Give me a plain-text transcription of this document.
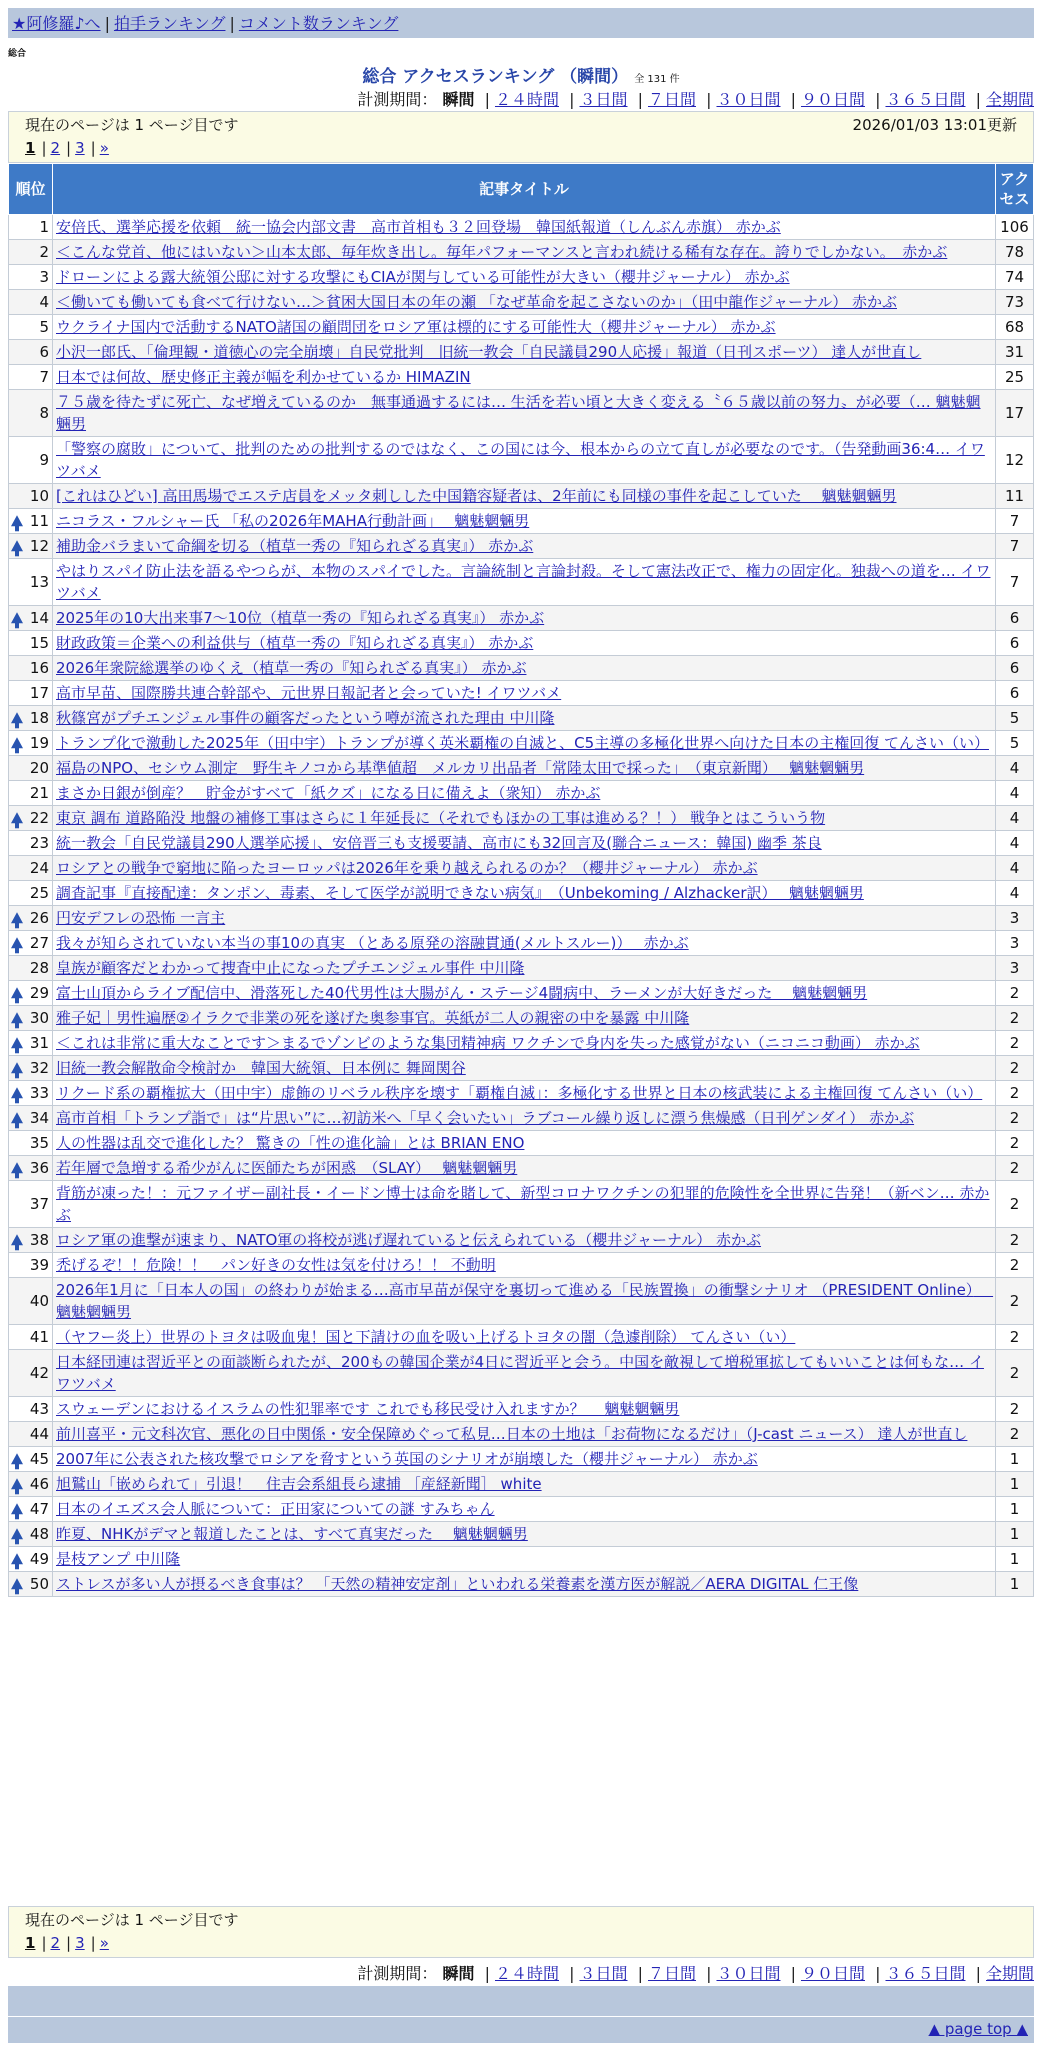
★阿修羅♪へ | 拍手ランキング | コメント数ランキング
総合
総合 アクセスランキング （瞬間） 全 131 件
計測期間： 瞬間 | ２４時間 | ３日間 | ７日間 | ３０日間 | ９０日間 | ３６５日間 | 全期間
現在のページは 1 ページ目です	2026/01/03 13:01更新
1 | 2 | 3 | »
順位	記事タイトル	アクセス
1	安倍氏、選挙応援を依頼　統一協会内部文書　高市首相も３２回登場　韓国紙報道（しんぶん赤旗） 赤かぶ	106
2	＜こんな党首、他にはいない＞山本太郎、毎年炊き出し。毎年パフォーマンスと言われ続ける稀有な存在。誇りでしかない。　赤かぶ	78
3	ドローンによる露大統領公邸に対する攻撃にもCIAが関与している可能性が大きい（櫻井ジャーナル） 赤かぶ	74
4	＜働いても働いても食べて行けない…＞貧困大国日本の年の瀬 「なぜ革命を起こさないのか」（田中龍作ジャーナル） 赤かぶ	73
5	ウクライナ国内で活動するNATO諸国の顧問団をロシア軍は標的にする可能性大（櫻井ジャーナル） 赤かぶ	68
6	小沢一郎氏、「倫理観・道徳心の完全崩壊」自民党批判　旧統一教会「自民議員290人応援」報道（日刊スポーツ） 達人が世直し	31
7	日本では何故、歴史修正主義が幅を利かせているか HIMAZIN	25
8	７５歳を待たずに死亡、なぜ増えているのか　無事通過するには… 生活を若い頃と大きく変える〝６５歳以前の努力〟が必要（… 魑魅魍魎男	17
9	「警察の腐敗」について、批判のための批判するのではなく、この国には今、根本からの立て直しが必要なのです。（告発動画36:4… イワツバメ	12
10	[これはひどい] 高田馬場でエステ店員をメッタ刺しした中国籍容疑者は、2年前にも同様の事件を起こしていた　 魑魅魍魎男	11

11	ニコラス・フルシャー氏 「私の2026年MAHA行動計画」　 魑魅魍魎男	7

12	補助金バラまいて命綱を切る（植草一秀の『知られざる真実』） 赤かぶ	7
13	やはりスパイ防止法を語るやつらが、本物のスパイでした。言論統制と言論封殺。そして憲法改正で、権力の固定化。独裁への道を… イワツバメ	7

14	2025年の10大出来事7〜10位（植草一秀の『知られざる真実』） 赤かぶ	6
15	財政政策＝企業への利益供与（植草一秀の『知られざる真実』） 赤かぶ	6
16	2026年衆院総選挙のゆくえ（植草一秀の『知られざる真実』） 赤かぶ	6
17	高市早苗、国際勝共連合幹部や、元世界日報記者と会っていた! イワツバメ	6

18	秋篠宮がプチエンジェル事件の顧客だったという噂が流された理由 中川隆	5

19	トランプ化で激動した2025年（田中宇）トランプが導く英米覇権の自滅と、C5主導の多極化世界へ向けた日本の主権回復 てんさい（い）	5
20	福島のNPO、セシウム測定　野生キノコから基準値超　メルカリ出品者「常陸太田で採った」　（東京新聞）　 魑魅魍魎男	4
21	まさか日銀が倒産？　貯金がすべて「紙クズ」になる日に備えよ（衆知） 赤かぶ	4

22	東京 調布 道路陥没 地盤の補修工事はさらに１年延長に（それでもほかの工事は進める？！） 戦争とはこういう物	4
23	統一教会「自民党議員290人選挙応援」、安倍晋三も支援要請、高市にも32回言及(聯合ニュース：韓国) 幽季 茶良	4
24	ロシアとの戦争で窮地に陥ったヨーロッパは2026年を乗り越えられるのか？（櫻井ジャーナル） 赤かぶ	4
25	調査記事『直接配達：タンポン、毒素、そして医学が説明できない病気』　（Unbekoming / Alzhacker訳）　 魑魅魍魎男	4

26	円安デフレの恐怖 一言主	3

27	我々が知らされていない本当の事10の真実 （とある原発の溶融貫通(メルトスルー)）　 赤かぶ	3
28	皇族が顧客だとわかって捜査中止になったプチエンジェル事件 中川隆	3

29	富士山頂からライブ配信中、滑落死した40代男性は大腸がん・ステージ4闘病中、ラーメンが大好きだった　 魑魅魍魎男	2

30	雅子妃｜男性遍歴②イラクで非業の死を遂げた奥参事官。英紙が二人の親密の中を暴露 中川隆	2

31	＜これは非常に重大なことです＞まるでゾンビのような集団精神病 ワクチンで身内を失った感覚がない（ニコニコ動画） 赤かぶ	2

32	旧統一教会解散命令検討か　韓国大統領、日本例に 舞岡関谷	2

33	リクード系の覇権拡大（田中宇）虚飾のリベラル秩序を壊す「覇権自滅」：多極化する世界と日本の核武装による主権回復 てんさい（い）	2

34	高市首相「トランプ詣で」は“片思い”に…初訪米へ「早く会いたい」ラブコール繰り返しに漂う焦燥感（日刊ゲンダイ） 赤かぶ	2
35	人の性器は乱交で進化した？ 驚きの「性の進化論」とは BRIAN ENO	2

36	若年層で急増する希少がんに医師たちが困惑　（SLAY）　 魑魅魍魎男	2
37	背筋が凍った！：元ファイザー副社長・イードン博士は命を賭して、新型コロナワクチンの犯罪的危険性を全世界に告発！（新ベン… 赤かぶ	2

38	ロシア軍の進撃が速まり、NATO軍の将校が逃げ遅れていると伝えられている（櫻井ジャーナル） 赤かぶ	2
39	禿げるぞ！！危険！！　パン好きの女性は気を付けろ！！ 不動明	2
40	2026年1月に「日本人の国」の終わりが始まる…高市早苗が保守を裏切って進める「民族置換」の衝撃シナリオ （PRESIDENT Online）　 魑魅魍魎男	2
41	（ヤフー炎上）世界のトヨタは吸血鬼！国と下請けの血を吸い上げるトヨタの闇（急遽削除） てんさい（い）	2
42	日本経団連は習近平との面談断られたが、200もの韓国企業が4日に習近平と会う。中国を敵視して増税軍拡してもいいことは何もな… イワツバメ	2
43	スウェーデンにおけるイスラムの性犯罪率です これでも移民受け入れますか？　 魑魅魍魎男	2
44	前川喜平・元文科次官、悪化の日中関係・安全保障めぐって私見…日本の土地は「お荷物になるだけ」（J-cast ニュース） 達人が世直し	2

45	2007年に公表された核攻撃でロシアを脅すという英国のシナリオが崩壊した（櫻井ジャーナル） 赤かぶ	1

46	旭鷲山「嵌められて」引退！　住吉会系組長ら逮捕 ［産経新聞］ white	1

47	日本のイエズス会人脈について：正田家についての謎 すみちゃん	1

48	昨夏、NHKがデマと報道したことは、すべて真実だった　 魑魅魍魎男	1

49	是枝アンプ 中川隆	1

50	ストレスが多い人が摂るべき食事は？ 「天然の精神安定剤」といわれる栄養素を漢方医が解説／AERA DIGITAL 仁王像	1
現在のページは 1 ページ目です
1 | 2 | 3 | »
計測期間： 瞬間 | ２４時間 | ３日間 | ７日間 | ３０日間 | ９０日間 | ３６５日間 | 全期間
▲ page top ▲
